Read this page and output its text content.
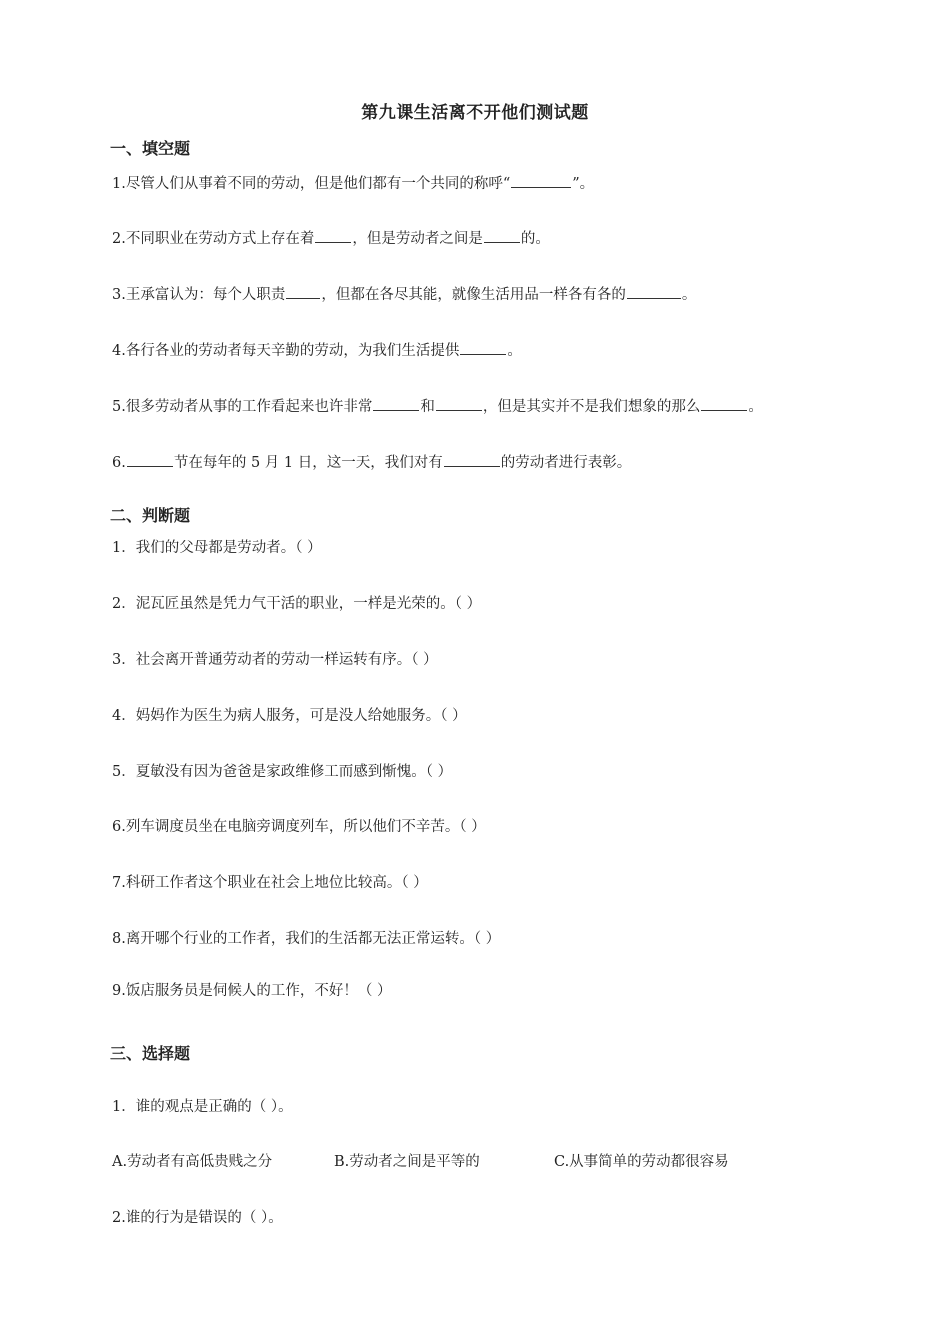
第九课生活离不开他们测试题
一、填空题
1.尽管人们从事着不同的劳动，但是他们都有一个共同的称呼“	”。
2.不同职业在劳动方式上存在着	，但是劳动者之间是	的。
3.王承富认为：每个人职责 ，但都在各尽其能，就像生活用品一样各有各的	。
4.各行各业的劳动者每天辛勤的劳动，为我们生活提供	。
5.很多劳动者从事的工作看起来也许非常	和	，但是其实并不是我们想象的那么	。
6.	节在每年的 5 月 1 日，这一天，我们对有	的劳动者进行表彰。
二、判断题
1．我们的父母都是劳动者。（ ）
2．泥瓦匠虽然是凭力气干活的职业，一样是光荣的。（ ）
3．社会离开普通劳动者的劳动一样运转有序。（ ）
4．妈妈作为医生为病人服务，可是没人给她服务。（ ）
5．夏敏没有因为爸爸是家政维修工而感到惭愧。（ ）
6.列车调度员坐在电脑旁调度列车，所以他们不辛苦。（ ）
7.科研工作者这个职业在社会上地位比较高。（ ）
8.离开哪个行业的工作者，我们的生活都无法正常运转。（ ）
9.饭店服务员是伺候人的工作，不好！（ ）
三、选择题
1．谁的观点是正确的（ ）。
A.劳动者有高低贵贱之分	B.劳动者之间是平等的	C.从事简单的劳动都很容易
2.谁的行为是错误的（ ）。
